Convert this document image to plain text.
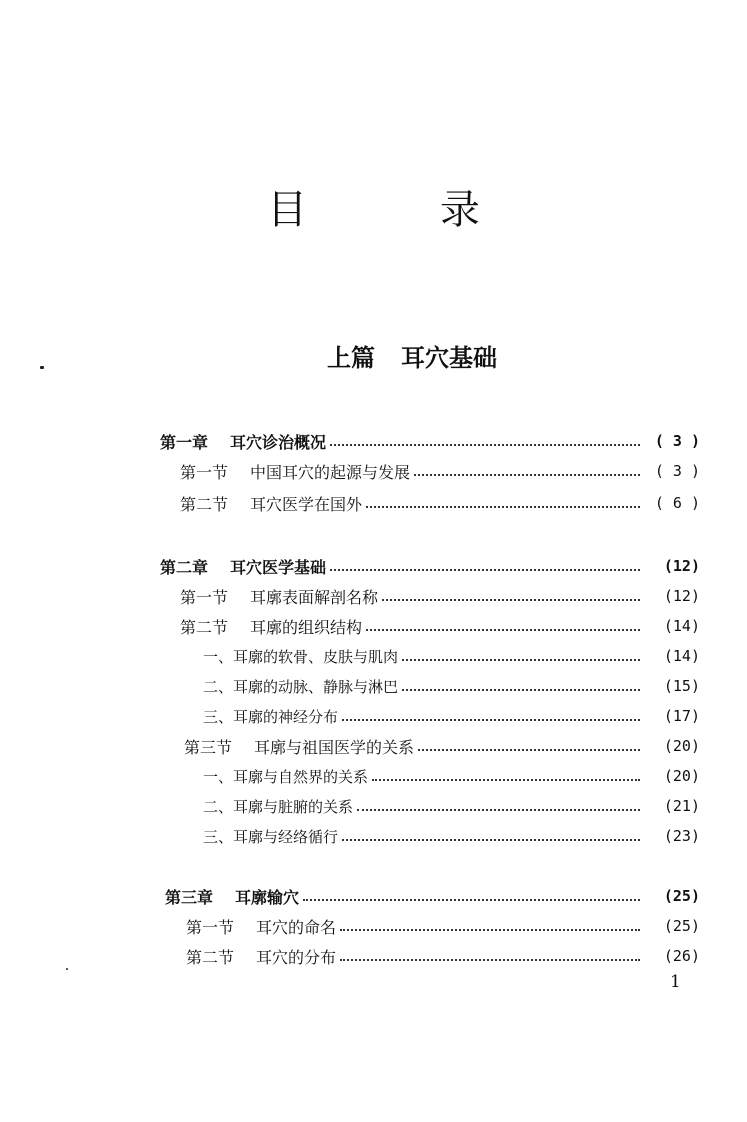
目 录
上篇 耳穴基础
第一章 耳穴诊治概况	( 3 )
第一节 中国耳穴的起源与发展	( 3 )
第二节 耳穴医学在国外	( 6 )
第二章 耳穴医学基础	(12)
第一节 耳廓表面解剖名称	(12)
第二节 耳廓的组织结构	(14)
一、 耳廓的软骨、皮肤与肌肉	(14)
二、 耳廓的动脉、静脉与淋巴	(15)
三、 耳廓的神经分布	(17)
第三节 耳廓与祖国医学的关系	(20)
一、 耳廓与自然界的关系	(20)
二、 耳廓与脏腑的关系	(21)
三、 耳廓与经络循行	(23)
第三章 耳廓输穴	(25)
第一节 耳穴的命名	(25)
第二节 耳穴的分布	(26)
1
